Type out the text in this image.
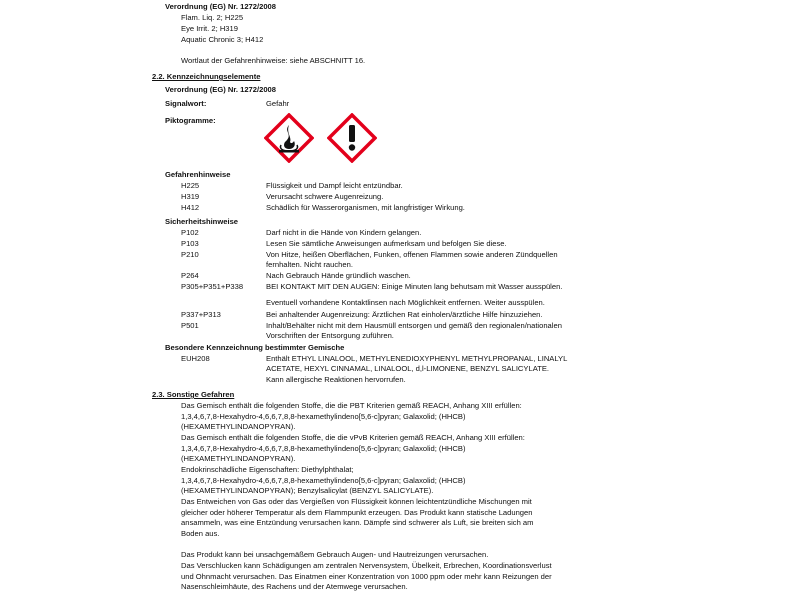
Verordnung (EG) Nr. 1272/2008
Flam. Liq. 2; H225
Eye Irrit. 2; H319
Aquatic Chronic 3; H412
Wortlaut der Gefahrenhinweise: siehe ABSCHNITT 16.
2.2. Kennzeichnungselemente
Verordnung (EG) Nr. 1272/2008
Signalwort:	Gefahr
Piktogramme:
Gefahrenhinweise
H225	Flüssigkeit und Dampf leicht entzündbar.
H319	Verursacht schwere Augenreizung.
H412	Schädlich für Wasserorganismen, mit langfristiger Wirkung.
Sicherheitshinweise
P102	Darf nicht in die Hände von Kindern gelangen.
P103	Lesen Sie sämtliche Anweisungen aufmerksam und befolgen Sie diese.
P210	Von Hitze, heißen Oberflächen, Funken, offenen Flammen sowie anderen Zündquellen
fernhalten. Nicht rauchen.
P264	Nach Gebrauch Hände gründlich waschen.
P305+P351+P338	BEI KONTAKT MIT DEN AUGEN: Einige Minuten lang behutsam mit Wasser ausspülen.
Eventuell vorhandene Kontaktlinsen nach Möglichkeit entfernen. Weiter ausspülen.
P337+P313	Bei anhaltender Augenreizung: Ärztlichen Rat einholen/ärztliche Hilfe hinzuziehen.
P501	Inhalt/Behälter nicht mit dem Hausmüll entsorgen und gemäß den regionalen/nationalen
Vorschriften der Entsorgung zuführen.
Besondere Kennzeichnung bestimmter Gemische
EUH208	Enthält ETHYL LINALOOL, METHYLENEDIOXYPHENYL METHYLPROPANAL, LINALYL
ACETATE, HEXYL CINNAMAL, LINALOOL, d,l-LIMONENE, BENZYL SALICYLATE.
Kann allergische Reaktionen hervorrufen.
2.3. Sonstige Gefahren
Das Gemisch enthält die folgenden Stoffe, die die PBT Kriterien gemäß REACH, Anhang XIII erfüllen:
1,3,4,6,7,8-Hexahydro-4,6,6,7,8,8-hexamethylindeno[5,6-c]pyran; Galaxolid; (HHCB)
(HEXAMETHYLINDANOPYRAN).
Das Gemisch enthält die folgenden Stoffe, die die vPvB Kriterien gemäß REACH, Anhang XIII erfüllen:
1,3,4,6,7,8-Hexahydro-4,6,6,7,8,8-hexamethylindeno[5,6-c]pyran; Galaxolid; (HHCB)
(HEXAMETHYLINDANOPYRAN).
Endokrinschädliche Eigenschaften: Diethylphthalat;
1,3,4,6,7,8-Hexahydro-4,6,6,7,8,8-hexamethylindeno[5,6-c]pyran; Galaxolid; (HHCB)
(HEXAMETHYLINDANOPYRAN); Benzylsalicylat (BENZYL SALICYLATE).
Das Entweichen von Gas oder das Vergießen von Flüssigkeit können leichtentzündliche Mischungen mit
gleicher oder höherer Temperatur als dem Flammpunkt erzeugen. Das Produkt kann statische Ladungen
ansammeln, was eine Entzündung verursachen kann. Dämpfe sind schwerer als Luft, sie breiten sich am
Boden aus.
Das Produkt kann bei unsachgemäßem Gebrauch Augen- und Hautreizungen verursachen.
Das Verschlucken kann Schädigungen am zentralen Nervensystem, Übelkeit, Erbrechen, Koordinationsverlust
und Ohnmacht verursachen. Das Einatmen einer Konzentration von 1000 ppm oder mehr kann Reizungen der
Nasenschleimhäute, des Rachens und der Atemwege verursachen.
